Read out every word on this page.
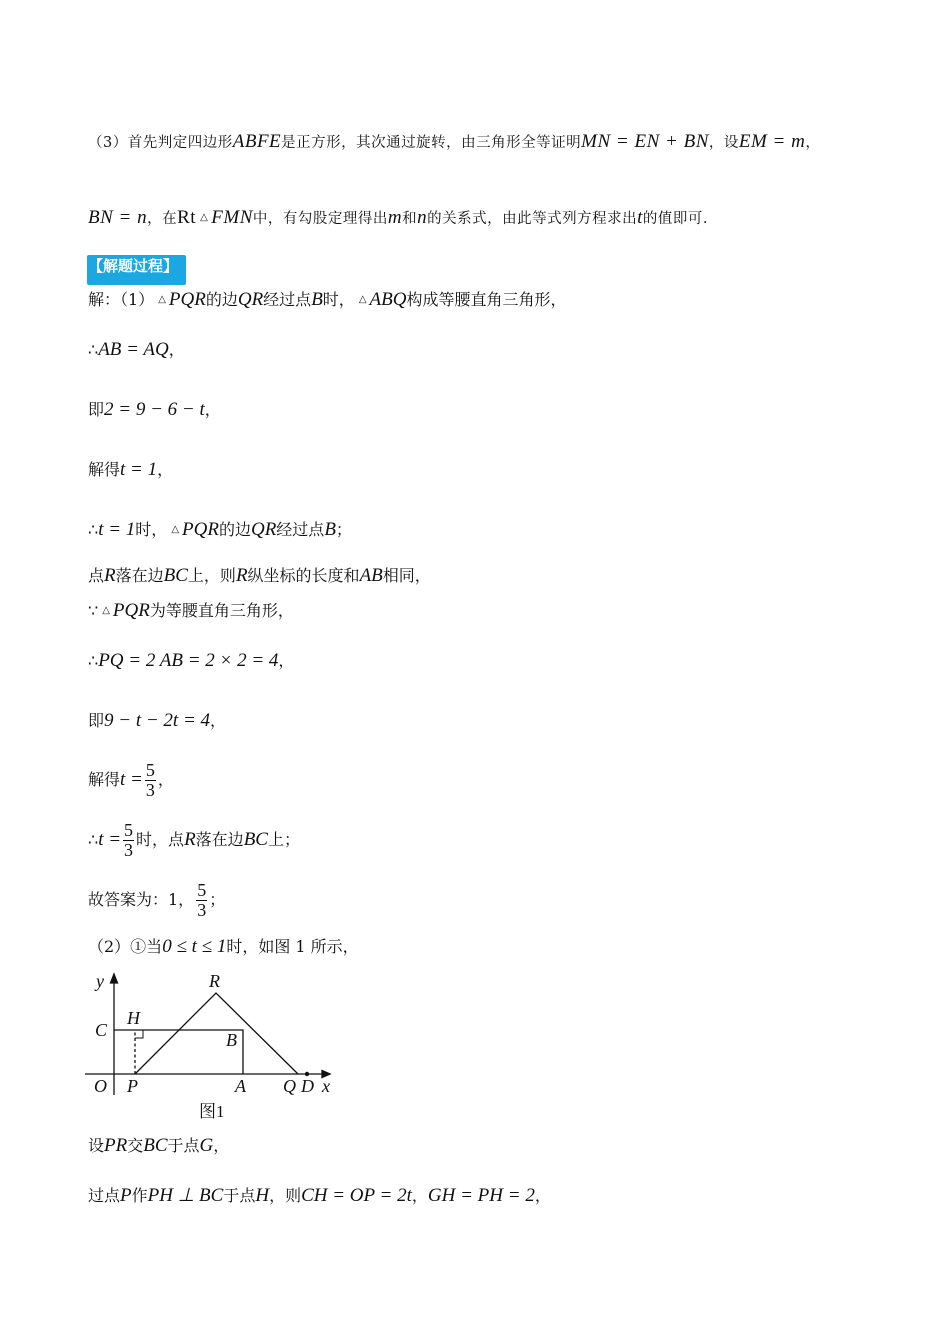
（3）首先判定四边形ABFE是正方形，其次通过旋转，由三角形全等证明MN = EN + BN，设EM = m，
BN = n，在Rt △ FMN中，有勾股定理得出m和n的关系式，由此等式列方程求出t的值即可.
【解题过程】
解：（1） △ PQR的边QR经过点B时， △ ABQ构成等腰直角三角形，
∴AB = AQ，
即2 = 9 − 6 − t，
解得t = 1，
∴t = 1时， △ PQR的边QR经过点B；
点R落在边BC上，则R纵坐标的长度和AB相同，
∵ △ PQR为等腰直角三角形，
∴PQ = 2 AB = 2 × 2 = 4，
即9 − t − 2t = 4，
解得$t = \frac{5}{3}$ ，
∴t = $\frac{5}{3}$ 时，点R落在边BC上；
故答案为：1， $\frac{5}{3}$ ；
（2）①当0 ≤ t ≤ 1时，如图 1 所示，
y
x
R
H
C	B
O P	A Q D
图1
设PR交BC于点G，
过点P作PH ⊥ BC于点H，则CH = OP = 2t，GH = PH = 2，
